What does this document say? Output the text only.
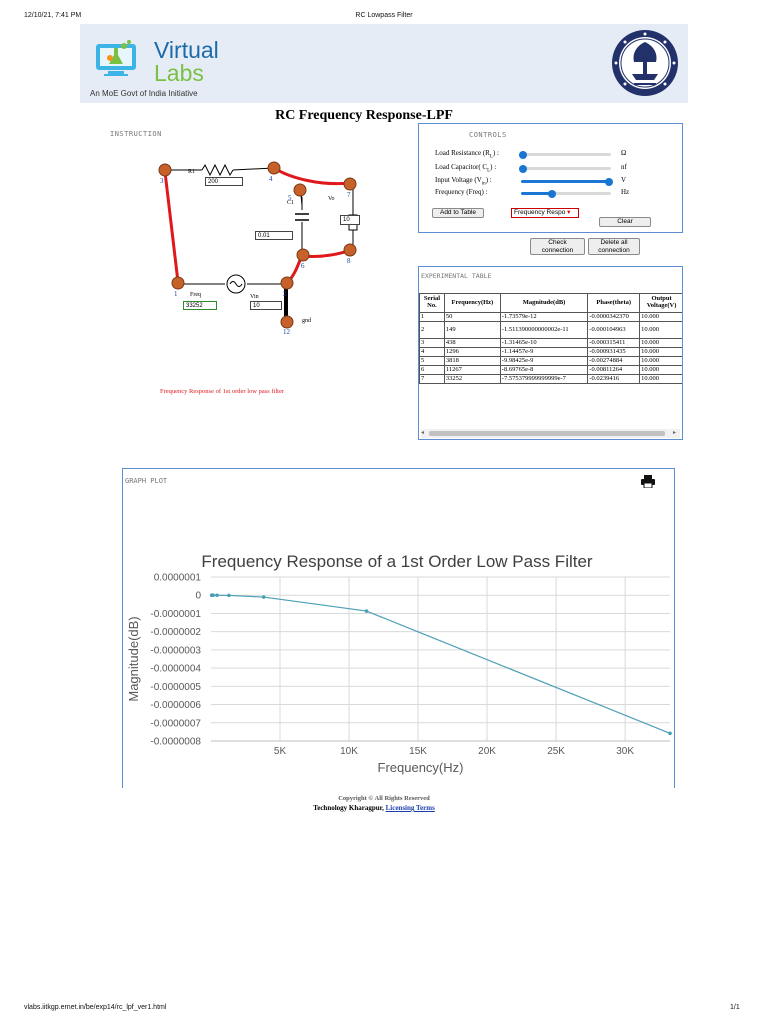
12/10/21, 7:41 PM	RC Lowpass Filter
Virtual
Labs
An MoE Govt of India Initiative
RC Frequency Response-LPF
INSTRUCTION
3	4
7
8
1	2
6
5
12
R1
200
C1
0.01
Vo
10
Freq
33252
Vin
10
gnd
Frequency Response of 1st order low pass filter
CONTROLS
Load Resistance $(R_L)$ :	Ω
Load Capacitor( $C_L$) :	nf
Input Voltage $(V_{in})$ :	V
Frequency (Freq) :	Hz
Add to Table	Frequency Respo ▾
Clear
Check connection
Delete all connection
EXPERIMENTAL TABLE
Serial No.	Frequency(Hz)	Magnitude(dB)	Phase(theta)	Output Voltage(V)
1	50	-1.73579e-12	-0.0000342370	10.000
2	149	-1.511390000000002e-11	-0.000104963	10.000
3	438	-1.31465e-10	-0.000315411	10.000
4	1296	-1.14457e-9	-0.000931435	10.000
5	3818	-9.98425e-9	-0.00274884	10.000
6	11267	-8.69765e-8	-0.00811264	10.000
7	33252	-7.575379999999999e-7	-0.0239416	10.000
◂	▸
GRAPH PLOT
Frequency Response of a 1st Order Low Pass Filter
0.0000001
0
-0.0000001
-0.0000002
-0.0000003
-0.0000004
-0.0000005
-0.0000006
-0.0000007
-0.0000008
5K	10K	15K	20K	25K	30K
Frequency(Hz)
Magnitude(dB)
Copyright © All Rights Reserved
Technology Kharagpur, Licensing Terms
vlabs.iitkgp.ernet.in/be/exp14/rc_lpf_ver1.html	1/1
